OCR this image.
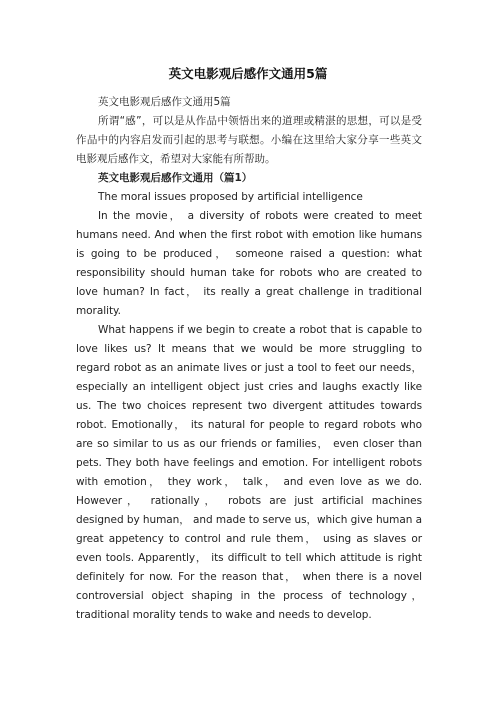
英文电影观后感作文通用5篇

英文电影观后感作文通用5篇

所谓“感”，可以是从作品中领悟出来的道理或精湛的思想，可以是受作品中的内容启发而引起的思考与联想。小编在这里给大家分享一些英文电影观后感作文，希望对大家能有所帮助。

英文电影观后感作文通用（篇1）

The moral issues proposed by artificial intelligence

In the movie， a diversity of robots were created to meet humans need. And when the first robot with emotion like humans is going to be produced， someone raised a question: what responsibility should human take for robots who are created to love human? In fact， its really a great challenge in traditional morality.

What happens if we begin to create a robot that is capable to love likes us? It means that we would be more struggling to regard robot as an animate lives or just a tool to feet our needs， especially an intelligent object just cries and laughs exactly like us. The two choices represent two divergent attitudes towards robot. Emotionally， its natural for people to regard robots who are so similar to us as our friends or families， even closer than pets. They both have feelings and emotion. For intelligent robots with emotion， they work， talk， and even love as we do. However， rationally， robots are just artificial machines designed by human， and made to serve us，which give human a great appetency to control and rule them， using as slaves or even tools. Apparently， its difficult to tell which attitude is right definitely for now. For the reason that， when there is a novel controversial object shaping in the process of technology， traditional morality tends to wake and needs to develop.
